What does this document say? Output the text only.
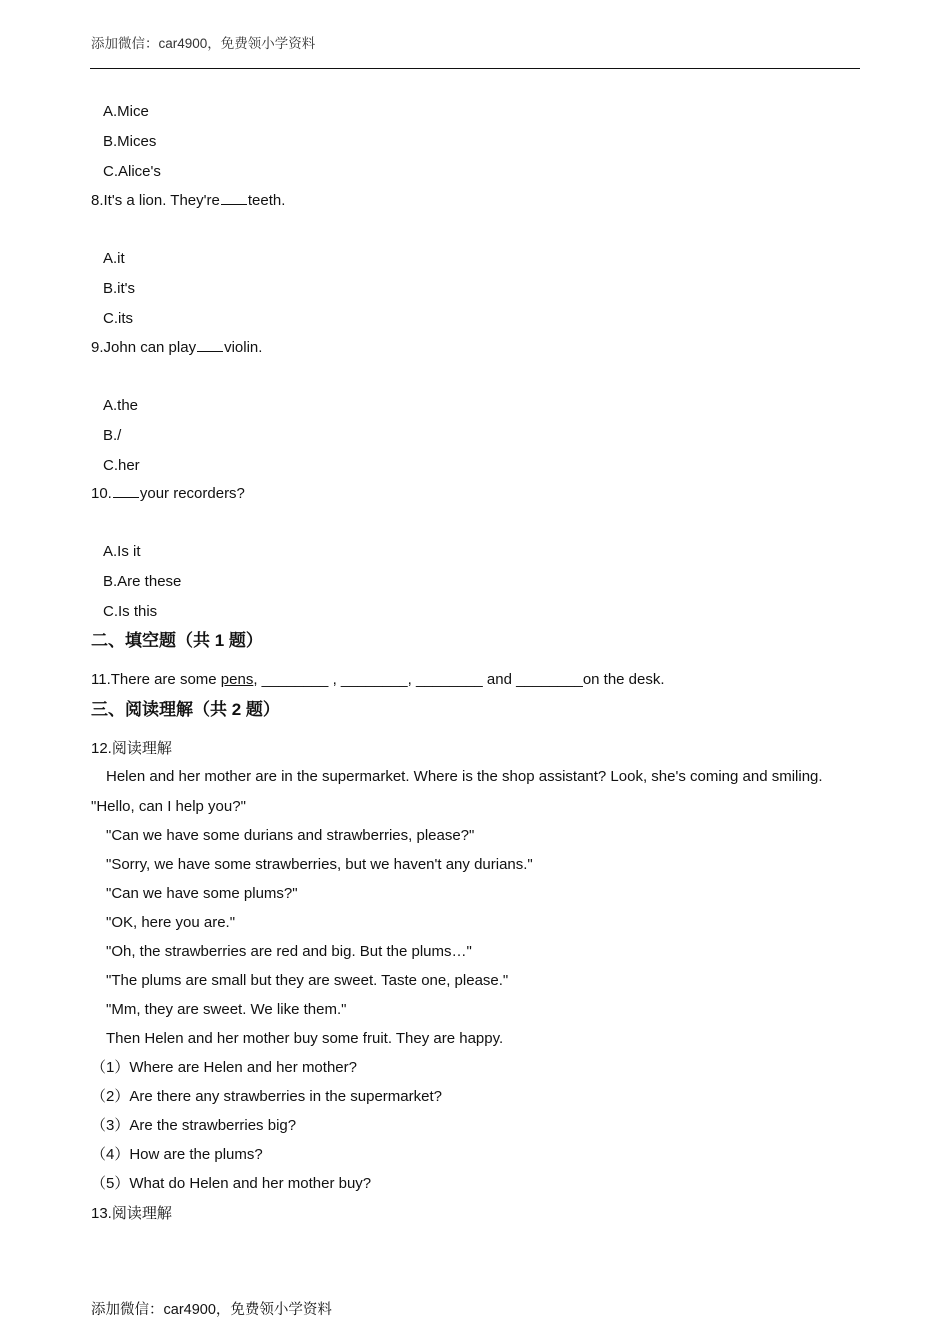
添加微信：car4900，免费领小学资料
A.Mice
B.Mices
C.Alice's
8.It's a lion. They're teeth.
A.it
B.it's
C.its
9.John can play violin.
A.the
B./
C.her
10. your recorders?
A.Is it
B.Are these
C.Is this
二、填空题（共 1 题）
11.There are some pens, ________ , ________, ________ and ________on the desk.
三、阅读理解（共 2 题）
12.阅读理解
Helen and her mother are in the supermarket. Where is the shop assistant? Look, she's coming and smiling.
"Hello, can I help you?"
"Can we have some durians and strawberries, please?"
"Sorry, we have some strawberries, but we haven't any durians."
"Can we have some plums?"
"OK, here you are."
"Oh, the strawberries are red and big. But the plums…"
"The plums are small but they are sweet. Taste one, please."
"Mm, they are sweet. We like them."
Then Helen and her mother buy some fruit. They are happy.
（1）Where are Helen and her mother?
（2）Are there any strawberries in the supermarket?
（3）Are the strawberries big?
（4）How are the plums?
（5）What do Helen and her mother buy?
13.阅读理解
添加微信：car4900，免费领小学资料
